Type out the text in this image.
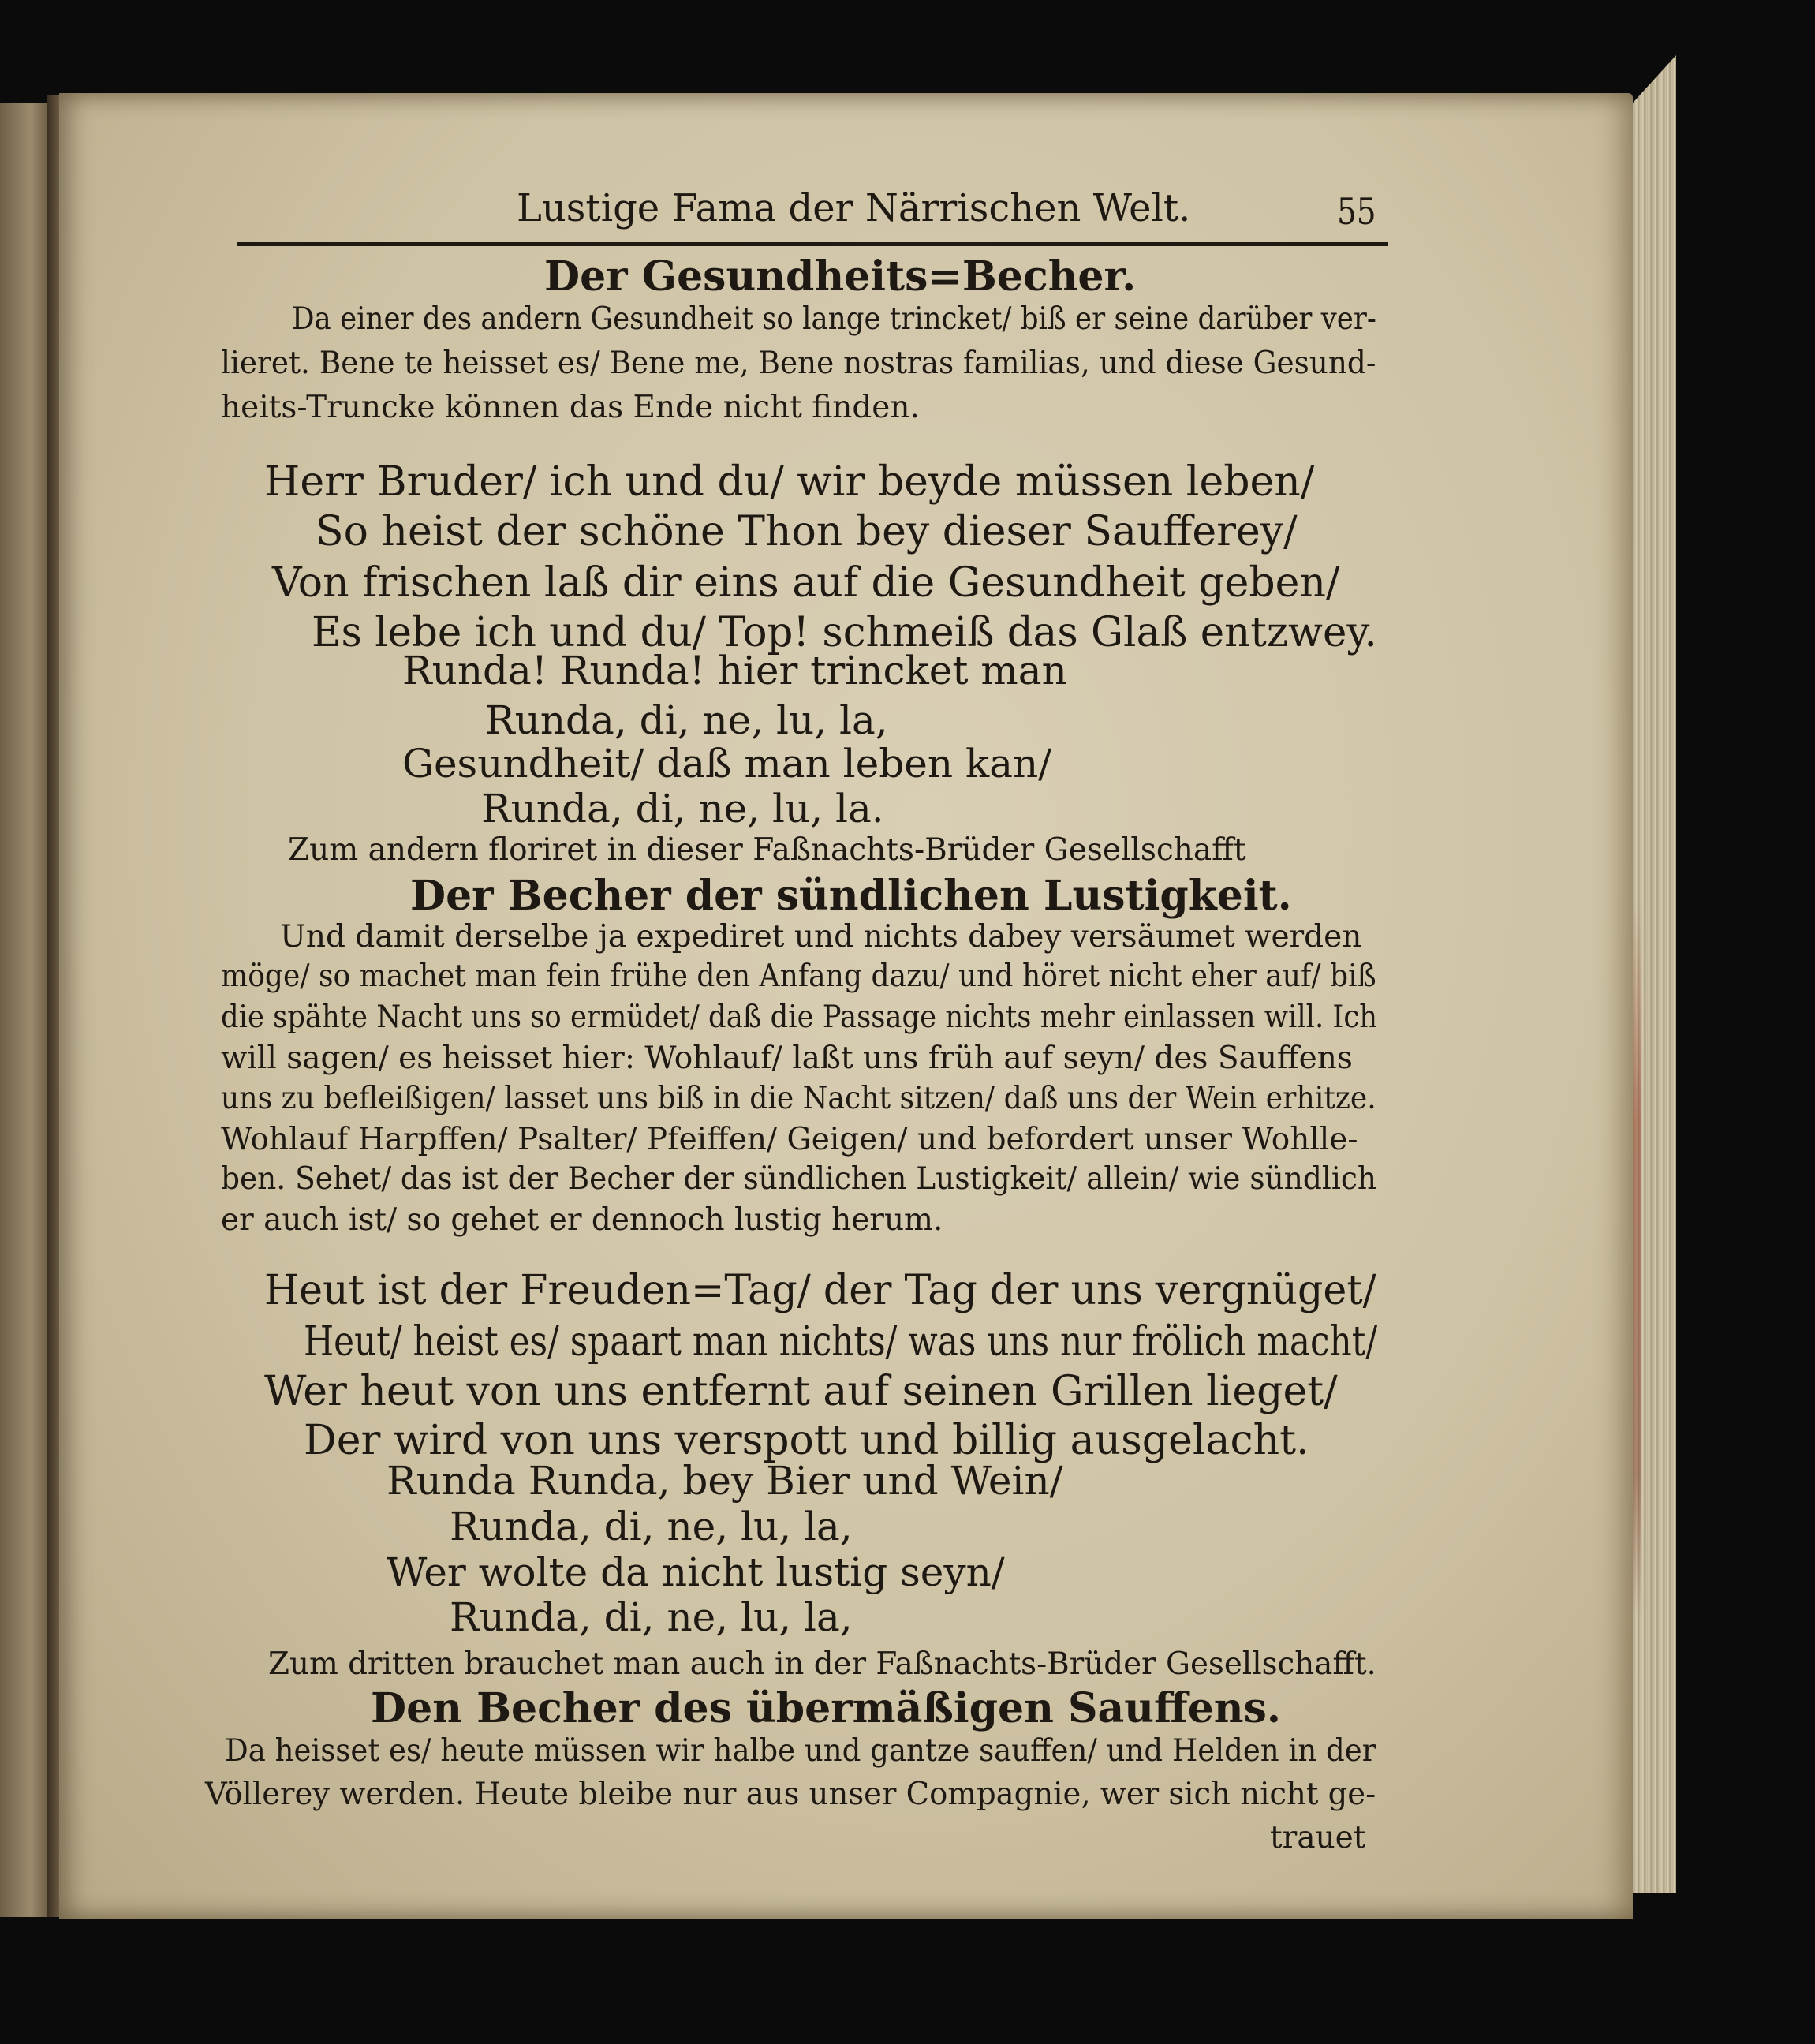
Lustige Fama der Närrischen Welt.	55
Der Gesundheits=Becher.
Da einer des andern Gesundheit so lange trincket/ biß er seine darüber ver-
lieret. Bene te heisset es/ Bene me, Bene nostras familias, und diese Gesund-
heits-Truncke können das Ende nicht finden.
Herr Bruder/ ich und du/ wir beyde müssen leben/
So heist der schöne Thon bey dieser Saufferey/
Von frischen laß dir eins auf die Gesundheit geben/
Es lebe ich und du/ Top! schmeiß das Glaß entzwey.
Runda! Runda! hier trincket man
Runda, di, ne, lu, la,
Gesundheit/ daß man leben kan/
Runda, di, ne, lu, la.
Zum andern floriret in dieser Faßnachts-Brüder Gesellschafft
Der Becher der sündlichen Lustigkeit.
Und damit derselbe ja expediret und nichts dabey versäumet werden
möge/ so machet man fein frühe den Anfang dazu/ und höret nicht eher auf/ biß
die spähte Nacht uns so ermüdet/ daß die Passage nichts mehr einlassen will. Ich
will sagen/ es heisset hier: Wohlauf/ laßt uns früh auf seyn/ des Sauffens
uns zu befleißigen/ lasset uns biß in die Nacht sitzen/ daß uns der Wein erhitze.
Wohlauf Harpffen/ Psalter/ Pfeiffen/ Geigen/ und befordert unser Wohlle-
ben. Sehet/ das ist der Becher der sündlichen Lustigkeit/ allein/ wie sündlich
er auch ist/ so gehet er dennoch lustig herum.
Heut ist der Freuden=Tag/ der Tag der uns vergnüget/
Heut/ heist es/ spaart man nichts/ was uns nur frölich macht/
Wer heut von uns entfernt auf seinen Grillen lieget/
Der wird von uns verspott und billig ausgelacht.
Runda Runda, bey Bier und Wein/
Runda, di, ne, lu, la,
Wer wolte da nicht lustig seyn/
Runda, di, ne, lu, la,
Zum dritten brauchet man auch in der Faßnachts-Brüder Gesellschafft.
Den Becher des übermäßigen Sauffens.
Da heisset es/ heute müssen wir halbe und gantze sauffen/ und Helden in der
Völlerey werden. Heute bleibe nur aus unser Compagnie, wer sich nicht ge-
trauet
